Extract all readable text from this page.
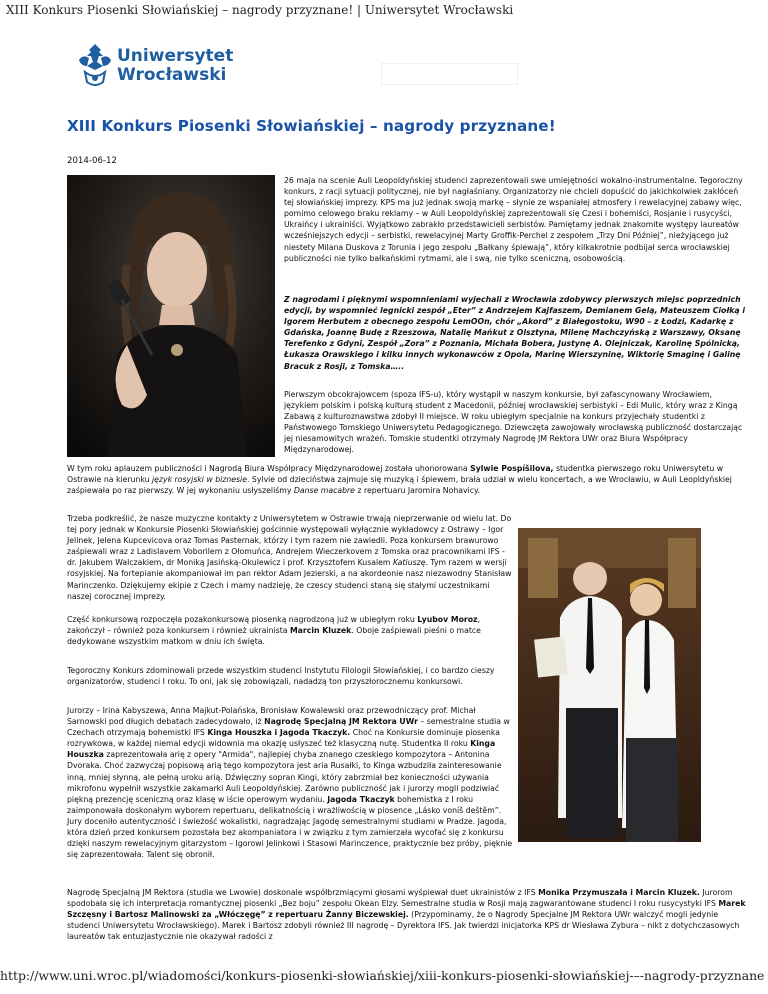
XIII Konkurs Piosenki Słowiańskiej – nagrody przyznane! | Uniwersytet Wrocławski
Uniwersytet
Wrocławski
XIII Konkurs Piosenki Słowiańskiej – nagrody przyznane!
2014-06-12

26 maja na scenie Auli Leopoldyńskiej studenci zaprezentowali swe umiejętności wokalno-instrumentalne. Tegoroczny konkurs, z racji sytuacji politycznej, nie był nagłaśniany. Organizatorzy nie chcieli dopuścić do jakichkolwiek zakłóceń tej słowiańskiej imprezy. KPS ma już jednak swoją markę – słynie ze wspaniałej atmosfery i rewelacyjnej zabawy więc, pomimo celowego braku reklamy – w Auli Leopoldyńskiej zaprezentowali się Czesi i bohemiści, Rosjanie i rusycyści, Ukraińcy i ukrainiści. Wyjątkowo zabrakło przedstawicieli serbistów. Pamiętamy jednak znakomite występy laureatów wcześniejszych edycji – serbistki, rewelacyjnej Marty Groffik-Perchel z zespołem „Trzy Dni Później”, nieżyjącego już niestety Milana Duskova z Torunia i jego zespołu „Bałkany śpiewają”, który kilkakrotnie podbijał serca wrocławskiej publiczności nie tylko bałkańskimi rytmami, ale i swą, nie tylko sceniczną, osobowością.

Z nagrodami i pięknymi wspomnieniami wyjechali z Wrocławia zdobywcy pierwszych miejsc poprzednich edycji, by wspomnieć legnicki zespół „Eter” z Andrzejem Kajfaszem, Demianem Gelą, Mateuszem Ciołką i Igorem Herbutem z obecnego zespołu LemOOn, chór „Akord” z Białegostoku, W90 – z Łodzi, Kadarkę z Gdańska, Joannę Budę z Rzeszowa, Natalię Mańkut z Olsztyna, Milenę Machczyńską z Warszawy, Oksanę Terefenko z Gdyni, Zespół „Zora” z Poznania, Michała Bobera, Justynę A. Olejniczak, Karolinę Spólnicką, Łukasza Orawskiego i kilku innych wykonawców z Opola, Marinę Wierszyninę, Wiktorię Smaginę i Galinę Bracuk z Rosji, z Tomska…..

Pierwszym obcokrajowcem (spoza IFS-u), który wystąpił w naszym konkursie, był zafascynowany Wrocławiem, językiem polskim i polską kulturą student z Macedonii, później wrocławskiej serbistyki – Edi Mulic, który wraz z Kingą Zabawą z kulturoznawstwa zdobył II miejsce. W roku ubiegłym specjalnie na konkurs przyjechały studentki z Państwowego Tomskiego Uniwersytetu Pedagogicznego. Dziewczęta zawojowały wrocławską publiczność dostarczając jej niesamowitych wrażeń. Tomskie studentki otrzymały Nagrodę JM Rektora UWr oraz Biura Współpracy Międzynarodowej.

W tym roku aplauzem publiczności i Nagrodą Biura Współpracy Międzynarodowej została uhonorowana Sylwie Pospíšilova, studentka pierwszego roku Uniwersytetu w Ostrawie na kierunku język rosyjski w biznesie. Sylvie od dzieciństwa zajmuje się muzyką i śpiewem, brała udział w wielu koncertach, a we Wrocławiu, w Auli Leopldyńskiej zaśpiewała po raz pierwszy. W jej wykonaniu usłyszeliśmy Danse macabre z repertuaru Jaromira Nohavicy.

Trzeba podkreślić, że nasze muzyczne kontakty z Uniwersytetem w Ostrawie trwają nieprzerwanie od wielu lat. Do tej pory jednak w Konkursie Piosenki Słowiańskiej gościnnie występowali wyłącznie wykładowcy z Ostrawy – Igor Jelinek, Jelena Kupcevicova oraz Tomas Pasternak, którzy i tym razem nie zawiedli. Poza konkursem brawurowo zaśpiewali wraz z Ladislavem Voborilem z Ołomuńca, Andrejem Wieczerkovem z Tomska oraz pracownikami IFS - dr. Jakubem Walczakiem, dr Moniką Jasińską-Okulewicz i prof. Krzysztofem Kusalem Katiuszę. Tym razem w wersji rosyjskiej. Na fortepianie akompaniował im pan rektor Adam Jezierski, a na akordeonie nasz niezawodny Stanisław Marinczenko. Dziękujemy ekipie z Czech i mamy nadzieję, że czescy studenci staną się stałymi uczestnikami naszej corocznej imprezy.

Część konkursową rozpoczęła pozakonkursową piosenką nagrodzoną już w ubiegłym roku Lyubov Moroz, zakończył – również poza konkursem i również ukrainista Marcin Kluzek. Oboje zaśpiewali pieśni o matce dedykowane wszystkim matkom w dniu ich święta.

Tegoroczny Konkurs zdominowali przede wszystkim studenci Instytutu Filologii Słowiańskiej, i co bardzo cieszy organizatorów, studenci I roku. To oni, jak się zobowiązali, nadadzą ton przyszłorocznemu konkursowi.

Jurorzy – Irina Kabyszewa, Anna Majkut-Polańska, Bronisław Kowalewski oraz przewodniczący prof. Michał Sarnowski pod długich debatach zadecydowało, iż Nagrodę Specjalną JM Rektora UWr – semestralne studia w Czechach otrzymają bohemistki IFS Kinga Houszka i Jagoda Tkaczyk. Choć na Konkursie dominuje piosenka rozrywkowa, w każdej niemal edycji widownia ma okazję usłyszeć też klasyczną nutę. Studentka II roku Kinga Houszka zaprezentowała arię z opery "Armida", najlepiej chyba znanego czeskiego kompozytora – Antonina Dvoraka. Choć zazwyczaj popisową arią tego kompozytora jest aria Rusałki, to Kinga wzbudziła zainteresowanie inną, mniej słynną, ale pełną uroku arią. Dźwięczny sopran Kingi, który zabrzmiał bez konieczności używania mikrofonu wypełnił wszystkie zakamarki Auli Leopoldyńskiej. Zarówno publiczność jak i jurorzy mogli podziwiać piękną prezencję sceniczną oraz klasę w iście operowym wydaniu. Jagoda Tkaczyk bohemistka z I roku zaimponowała doskonałym wyborem repertuaru, delikatnością i wrażliwością w piosence „Lásko voníš deštěm”. Jury doceniło autentyczność i świeżość wokalistki, nagradzając Jagodę semestralnymi studiami w Pradze. Jagoda, która dzień przed konkursem pozostała bez akompaniatora i w związku z tym zamierzała wycofać się z konkursu dzięki naszym rewelacyjnym gitarzystom – Igorowi Jelinkowi i Stasowi Marinczence, praktycznie bez próby, pięknie się zaprezentowała. Talent się obronił.

Nagrodę Specjalną JM Rektora (studia we Lwowie) doskonale współbrzmiącymi głosami wyśpiewał duet ukrainistów z IFS Monika Przymuszała i Marcin Kluzek. Jurorom spodobała się ich interpretacja romantycznej piosenki „Bez boju” zespołu Okean Elzy. Semestralne studia w Rosji mają zagwarantowane studenci I roku rusycystyki IFS Marek Szczęsny i Bartosz Malinowski za „Włóczęgę” z repertuaru Żanny Biczewskiej. (Przypominamy, że o Nagrody Specjalne JM Rektora UWr walczyć mogli jedynie studenci Uniwersytetu Wrocławskiego). Marek i Bartosz zdobyli również III nagrodę – Dyrektora IFS. Jak twierdzi inicjatorka KPS dr Wiesława Zybura – nikt z dotychczasowych laureatów tak entuzjastycznie nie okazywał radości z

http://www.uni.wroc.pl/wiadomości/konkurs-piosenki-słowiańskiej/xiii-konkurs-piosenki-słowiańskiej-–-nagrody-przyznane
